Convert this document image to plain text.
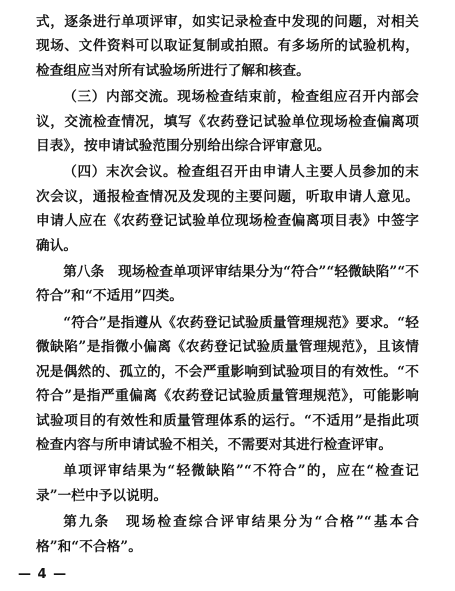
式，逐条进行单项评审，如实记录检查中发现的问题，对相关现场、文件资料可以取证复制或拍照。有多场所的试验机构，检查组应当对所有试验场所进行了解和核查。

（三）内部交流。现场检查结束前，检查组应召开内部会议，交流检查情况，填写《农药登记试验单位现场检查偏离项目表》，按申请试验范围分别给出综合评审意见。

（四）末次会议。检查组召开由申请人主要人员参加的末次会议，通报检查情况及发现的主要问题，听取申请人意见。申请人应在《农药登记试验单位现场检查偏离项目表》中签字确认。

第八条　现场检查单项评审结果分为“符合”“轻微缺陷”“不符合”和“不适用”四类。

“符合”是指遵从《农药登记试验质量管理规范》要求。“轻微缺陷”是指微小偏离《农药登记试验质量管理规范》，且该情况是偶然的、孤立的，不会严重影响到试验项目的有效性。“不符合”是指严重偏离《农药登记试验质量管理规范》，可能影响试验项目的有效性和质量管理体系的运行。“不适用”是指此项检查内容与所申请试验不相关，不需要对其进行检查评审。

单项评审结果为“轻微缺陷”“不符合”的，应在“检查记录”一栏中予以说明。

第九条　现场检查综合评审结果分为“合格”“基本合格”和“不合格”。

— 4 —
